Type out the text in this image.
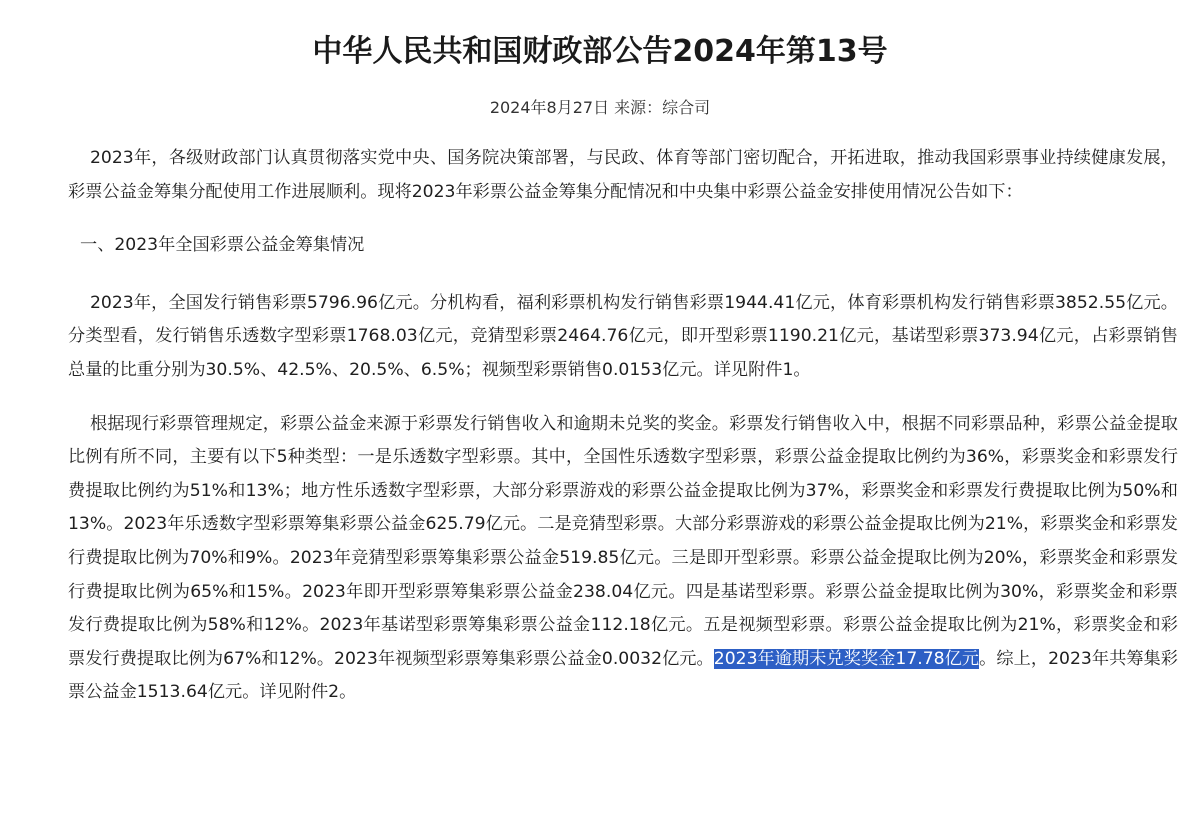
中华人民共和国财政部公告2024年第13号
2024年8月27日 来源：综合司

2023年，各级财政部门认真贯彻落实党中央、国务院决策部署，与民政、体育等部门密切配合，开拓进取，推动我国彩票事业持续健康发展，彩票公益金筹集分配使用工作进展顺利。现将2023年彩票公益金筹集分配情况和中央集中彩票公益金安排使用情况公告如下：

一、2023年全国彩票公益金筹集情况

2023年，全国发行销售彩票5796.96亿元。分机构看，福利彩票机构发行销售彩票1944.41亿元，体育彩票机构发行销售彩票3852.55亿元。分类型看，发行销售乐透数字型彩票1768.03亿元，竞猜型彩票2464.76亿元，即开型彩票1190.21亿元，基诺型彩票373.94亿元，占彩票销售总量的比重分别为30.5%、42.5%、20.5%、6.5%；视频型彩票销售0.0153亿元。详见附件1。

根据现行彩票管理规定，彩票公益金来源于彩票发行销售收入和逾期未兑奖的奖金。彩票发行销售收入中，根据不同彩票品种，彩票公益金提取比例有所不同，主要有以下5种类型：一是乐透数字型彩票。其中，全国性乐透数字型彩票，彩票公益金提取比例约为36%，彩票奖金和彩票发行费提取比例约为51%和13%；地方性乐透数字型彩票，大部分彩票游戏的彩票公益金提取比例为37%，彩票奖金和彩票发行费提取比例为50%和13%。2023年乐透数字型彩票筹集彩票公益金625.79亿元。二是竞猜型彩票。大部分彩票游戏的彩票公益金提取比例为21%，彩票奖金和彩票发行费提取比例为70%和9%。2023年竞猜型彩票筹集彩票公益金519.85亿元。三是即开型彩票。彩票公益金提取比例为20%，彩票奖金和彩票发行费提取比例为65%和15%。2023年即开型彩票筹集彩票公益金238.04亿元。四是基诺型彩票。彩票公益金提取比例为30%，彩票奖金和彩票发行费提取比例为58%和12%。2023年基诺型彩票筹集彩票公益金112.18亿元。五是视频型彩票。彩票公益金提取比例为21%，彩票奖金和彩票发行费提取比例为67%和12%。2023年视频型彩票筹集彩票公益金0.0032亿元。2023年逾期未兑奖奖金17.78亿元。综上，2023年共筹集彩票公益金1513.64亿元。详见附件2。
